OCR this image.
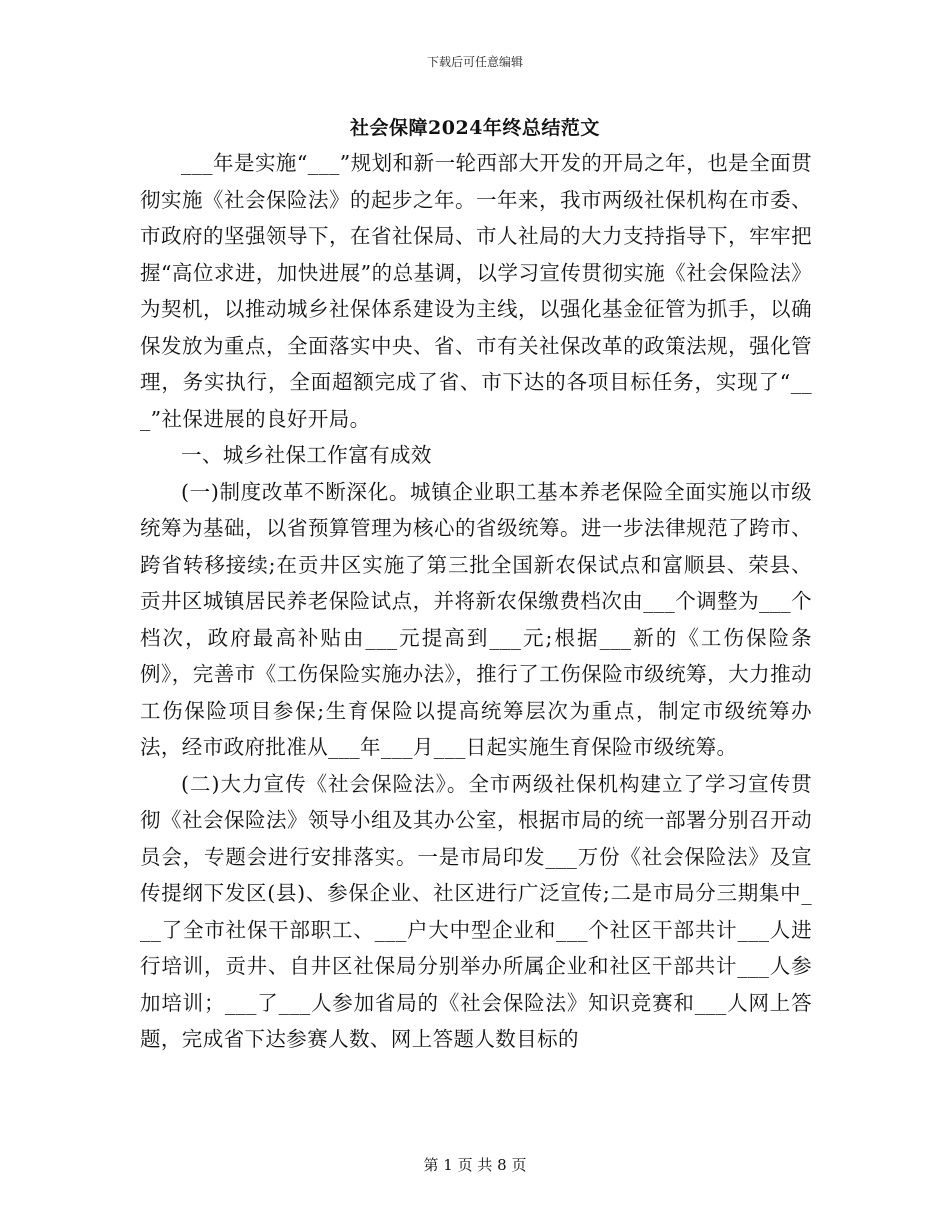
下载后可任意编辑
社会保障2024年终总结范文

___年是实施“___”规划和新一轮西部大开发的开局之年，也是全面贯彻实施《社会保险法》的起步之年。一年来，我市两级社保机构在市委、市政府的坚强领导下，在省社保局、市人社局的大力支持指导下，牢牢把握“高位求进，加快进展”的总基调，以学习宣传贯彻实施《社会保险法》为契机，以推动城乡社保体系建设为主线，以强化基金征管为抓手，以确保发放为重点，全面落实中央、省、市有关社保改革的政策法规，强化管理，务实执行，全面超额完成了省、市下达的各项目标任务，实现了“___”社保进展的良好开局。

一、城乡社保工作富有成效

(一)制度改革不断深化。城镇企业职工基本养老保险全面实施以市级统筹为基础，以省预算管理为核心的省级统筹。进一步法律规范了跨市、跨省转移接续;在贡井区实施了第三批全国新农保试点和富顺县、荣县、贡井区城镇居民养老保险试点，并将新农保缴费档次由___个调整为___个档次，政府最高补贴由___元提高到___元;根据___新的《工伤保险条例》，完善市《工伤保险实施办法》，推行了工伤保险市级统筹，大力推动工伤保险项目参保;生育保险以提高统筹层次为重点，制定市级统筹办法，经市政府批准从___年___月___日起实施生育保险市级统筹。

(二)大力宣传《社会保险法》。全市两级社保机构建立了学习宣传贯彻《社会保险法》领导小组及其办公室，根据市局的统一部署分别召开动员会，专题会进行安排落实。一是市局印发___万份《社会保险法》及宣传提纲下发区(县)、参保企业、社区进行广泛宣传;二是市局分三期集中___了全市社保干部职工、___户大中型企业和___个社区干部共计___人进行培训，贡井、自井区社保局分别举办所属企业和社区干部共计___人参加培训；___了___人参加省局的《社会保险法》知识竞赛和___人网上答题，完成省下达参赛人数、网上答题人数目标的

第 1 页 共 8 页
